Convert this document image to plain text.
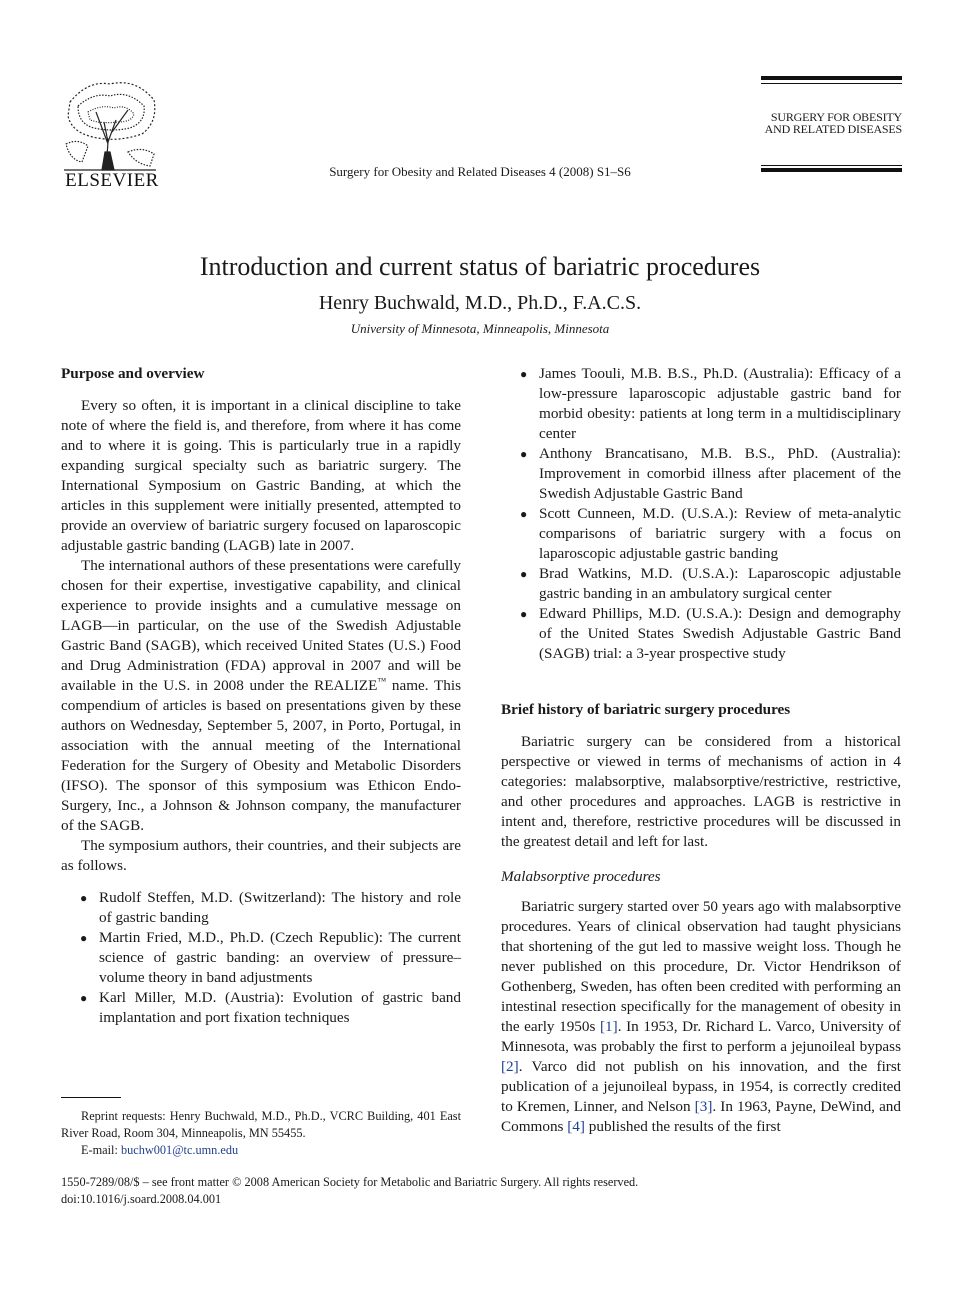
ELSEVIER	Surgery for Obesity and Related Diseases 4 (2008) S1–S6
SURGERY FOR OBESITY
AND RELATED DISEASES
Introduction and current status of bariatric procedures
Henry Buchwald, M.D., Ph.D., F.A.C.S.
University of Minnesota, Minneapolis, Minnesota
Purpose and overview

Every so often, it is important in a clinical discipline to take note of where the field is, and therefore, from where it has come and to where it is going. This is particularly true in a rapidly expanding surgical specialty such as bariatric surgery. The International Symposium on Gastric Banding, at which the articles in this supplement were initially presented, attempted to provide an overview of bariatric surgery focused on laparoscopic adjustable gastric banding (LAGB) late in 2007.

The international authors of these presentations were carefully chosen for their expertise, investigative capability, and clinical experience to provide insights and a cumulative message on LAGB—in particular, on the use of the Swedish Adjustable Gastric Band (SAGB), which received United States (U.S.) Food and Drug Administration (FDA) approval in 2007 and will be available in the U.S. in 2008 under the REALIZE™ name. This compendium of articles is based on presentations given by these authors on Wednesday, September 5, 2007, in Porto, Portugal, in association with the annual meeting of the International Federation for the Surgery of Obesity and Metabolic Disorders (IFSO). The sponsor of this symposium was Ethicon Endo-Surgery, Inc., a Johnson & Johnson company, the manufacturer of the SAGB.

The symposium authors, their countries, and their subjects are as follows.

● Rudolf Steffen, M.D. (Switzerland): The history and role of gastric banding
● Martin Fried, M.D., Ph.D. (Czech Republic): The current science of gastric banding: an overview of pressure–volume theory in band adjustments
● Karl Miller, M.D. (Austria): Evolution of gastric band implantation and port fixation techniques
● James Toouli, M.B. B.S., Ph.D. (Australia): Efficacy of a low-pressure laparoscopic adjustable gastric band for morbid obesity: patients at long term in a multidisciplinary center
● Anthony Brancatisano, M.B. B.S., PhD. (Australia): Improvement in comorbid illness after placement of the Swedish Adjustable Gastric Band
● Scott Cunneen, M.D. (U.S.A.): Review of meta-analytic comparisons of bariatric surgery with a focus on laparoscopic adjustable gastric banding
● Brad Watkins, M.D. (U.S.A.): Laparoscopic adjustable gastric banding in an ambulatory surgical center
● Edward Phillips, M.D. (U.S.A.): Design and demography of the United States Swedish Adjustable Gastric Band (SAGB) trial: a 3-year prospective study
Brief history of bariatric surgery procedures

Bariatric surgery can be considered from a historical perspective or viewed in terms of mechanisms of action in 4 categories: malabsorptive, malabsorptive/restrictive, restrictive, and other procedures and approaches. LAGB is restrictive in intent and, therefore, restrictive procedures will be discussed in the greatest detail and left for last.

Malabsorptive procedures

Bariatric surgery started over 50 years ago with malabsorptive procedures. Years of clinical observation had taught physicians that shortening of the gut led to massive weight loss. Though he never published on this procedure, Dr. Victor Hendrikson of Gothenberg, Sweden, has often been credited with performing an intestinal resection specifically for the management of obesity in the early 1950s [1]. In 1953, Dr. Richard L. Varco, University of Minnesota, was probably the first to perform a jejunoileal bypass [2]. Varco did not publish on his innovation, and the first publication of a jejunoileal bypass, in 1954, is correctly credited to Kremen, Linner, and Nelson [3]. In 1963, Payne, DeWind, and Commons [4] published the results of the first

Reprint requests: Henry Buchwald, M.D., Ph.D., VCRC Building, 401 East River Road, Room 304, Minneapolis, MN 55455.
E-mail: buchw001@tc.umn.edu
1550-7289/08/$ – see front matter © 2008 American Society for Metabolic and Bariatric Surgery. All rights reserved.
doi:10.1016/j.soard.2008.04.001
